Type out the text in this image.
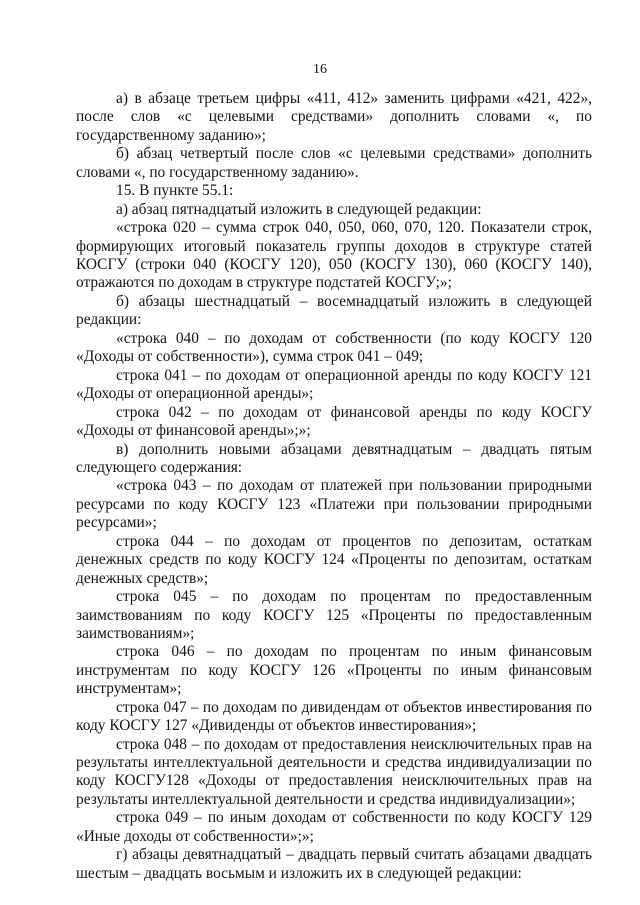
16

а) в абзаце третьем цифры «411, 412» заменить цифрами «421, 422», после слов «с целевыми средствами» дополнить словами «, по государственному заданию»;

б) абзац четвертый после слов «с целевыми средствами» дополнить словами «, по государственному заданию».

15. В пункте 55.1:

а) абзац пятнадцатый изложить в следующей редакции:

«строка 020 – сумма строк 040, 050, 060, 070, 120. Показатели строк, формирующих итоговый показатель группы доходов в структуре статей КОСГУ (строки 040 (КОСГУ 120), 050 (КОСГУ 130), 060 (КОСГУ 140), отражаются по доходам в структуре подстатей КОСГУ;»;

б) абзацы шестнадцатый – восемнадцатый изложить в следующей редакции:

«строка 040 – по доходам от собственности (по коду КОСГУ 120 «Доходы от собственности»), сумма строк 041 – 049;

строка 041 – по доходам от операционной аренды по коду КОСГУ 121 «Доходы от операционной аренды»;

строка 042 – по доходам от финансовой аренды по коду КОСГУ «Доходы от финансовой аренды»;»;

в) дополнить новыми абзацами девятнадцатым – двадцать пятым следующего содержания:

«строка 043 – по доходам от платежей при пользовании природными ресурсами по коду КОСГУ 123 «Платежи при пользовании природными ресурсами»;

строка 044 – по доходам от процентов по депозитам, остаткам денежных средств по коду КОСГУ 124 «Проценты по депозитам, остаткам денежных средств»;

строка 045 – по доходам по процентам по предоставленным заимствованиям по коду КОСГУ 125 «Проценты по предоставленным заимствованиям»;

строка 046 – по доходам по процентам по иным финансовым инструментам по коду КОСГУ 126 «Проценты по иным финансовым инструментам»;

строка 047 – по доходам по дивидендам от объектов инвестирования по коду КОСГУ 127 «Дивиденды от объектов инвестирования»;

строка 048 – по доходам от предоставления неисключительных прав на результаты интеллектуальной деятельности и средства индивидуализации по коду КОСГУ128 «Доходы от предоставления неисключительных прав на результаты интеллектуальной деятельности и средства индивидуализации»;

строка 049 – по иным доходам от собственности по коду КОСГУ 129 «Иные доходы от собственности»;»;

г) абзацы девятнадцатый – двадцать первый считать абзацами двадцать шестым – двадцать восьмым и изложить их в следующей редакции:
